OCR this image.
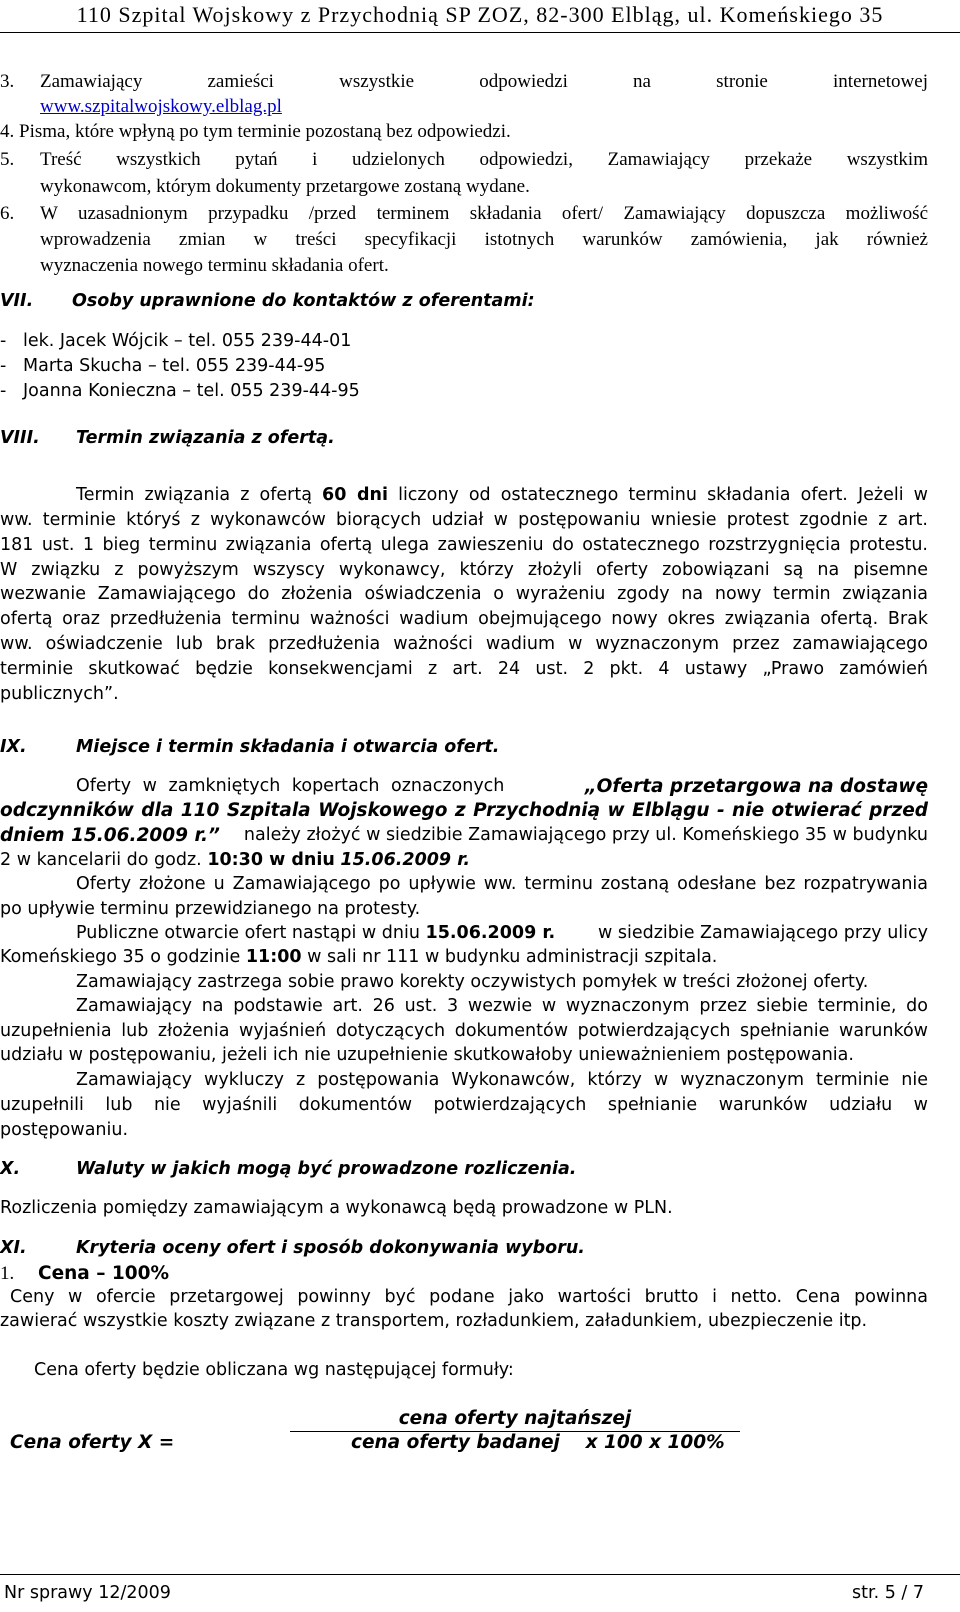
110 Szpital Wojskowy z Przychodnią SP ZOZ, 82-300 Elbląg, ul. Komeńskiego 35
3. Zamawiający zamieści wszystkie odpowiedzi na stronie internetowej
www.szpitalwojskowy.elblag.pl
4. Pisma, które wpłyną po tym terminie pozostaną bez odpowiedzi.
5. Treść wszystkich pytań i udzielonych odpowiedzi, Zamawiający przekaże wszystkim
wykonawcom, którym dokumenty przetargowe zostaną wydane.
6. W uzasadnionym przypadku /przed terminem składania ofert/ Zamawiający dopuszcza możliwość
wprowadzenia zmian w treści specyfikacji istotnych warunków zamówienia, jak również
wyznaczenia nowego terminu składania ofert.
VII. Osoby uprawnione do kontaktów z oferentami:
-   lek. Jacek Wójcik – tel. 055 239-44-01
-   Marta Skucha – tel. 055 239-44-95
-   Joanna Konieczna – tel. 055 239-44-95
VIII. Termin związania z ofertą.
Termin związania z ofertą 60 dni liczony od ostatecznego terminu składania ofert. Jeżeli w
ww. terminie któryś z wykonawców biorących udział w postępowaniu wniesie protest zgodnie z art.
181 ust. 1 bieg terminu związania ofertą ulega zawieszeniu do ostatecznego rozstrzygnięcia protestu.
W związku z powyższym wszyscy wykonawcy, którzy złożyli oferty zobowiązani są na pisemne
wezwanie Zamawiającego do złożenia oświadczenia o wyrażeniu zgody na nowy termin związania
ofertą oraz przedłużenia terminu ważności wadium obejmującego nowy okres związania ofertą. Brak
ww. oświadczenie lub brak przedłużenia ważności wadium w wyznaczonym przez zamawiającego
terminie skutkować będzie konsekwencjami z art. 24 ust. 2 pkt. 4 ustawy „Prawo zamówień
publicznych”.
IX.	Miejsce i termin składania i otwarcia ofert.
Oferty w zamkniętych kopertach oznaczonych	„Oferta przetargowa na dostawę
odczynników dla 110 Szpitala Wojskowego z Przychodnią w Elblągu - nie otwierać przed
dniem 15.06.2009 r.” należy złożyć w siedzibie Zamawiającego przy ul. Komeńskiego 35 w budynku
2 w kancelarii do godz. 10:30 w dniu 15.06.2009 r.
Oferty złożone u Zamawiającego po upływie ww. terminu zostaną odesłane bez rozpatrywania
po upływie terminu przewidzianego na protesty.
Publiczne otwarcie ofert nastąpi w dniu 15.06.2009 r. w siedzibie Zamawiającego przy ulicy
Komeńskiego 35 o godzinie 11:00 w sali nr 111 w budynku administracji szpitala.
Zamawiający zastrzega sobie prawo korekty oczywistych pomyłek w treści złożonej oferty.
Zamawiający na podstawie art. 26 ust. 3 wezwie w wyznaczonym przez siebie terminie, do
uzupełnienia lub złożenia wyjaśnień dotyczących dokumentów potwierdzających spełnianie warunków
udziału w postępowaniu, jeżeli ich nie uzupełnienie skutkowałoby unieważnieniem postępowania.
Zamawiający wykluczy z postępowania Wykonawców, którzy w wyznaczonym terminie nie
uzupełnili lub nie wyjaśnili dokumentów potwierdzających spełnianie warunków udziału w
postępowaniu.
X.	Waluty w jakich mogą być prowadzone rozliczenia.
Rozliczenia pomiędzy zamawiającym a wykonawcą będą prowadzone w PLN.
XI.	Kryteria oceny ofert i sposób dokonywania wyboru.
1. Cena – 100%
Ceny w ofercie przetargowej powinny być podane jako wartości brutto i netto. Cena powinna
zawierać wszystkie koszty związane z transportem, rozładunkiem, załadunkiem, ubezpieczenie itp.
Cena oferty będzie obliczana wg następującej formuły:
cena oferty najtańszej
Cena oferty X =	cena oferty badanej    x 100 x 100%
Nr sprawy 12/2009	str. 5 / 7
